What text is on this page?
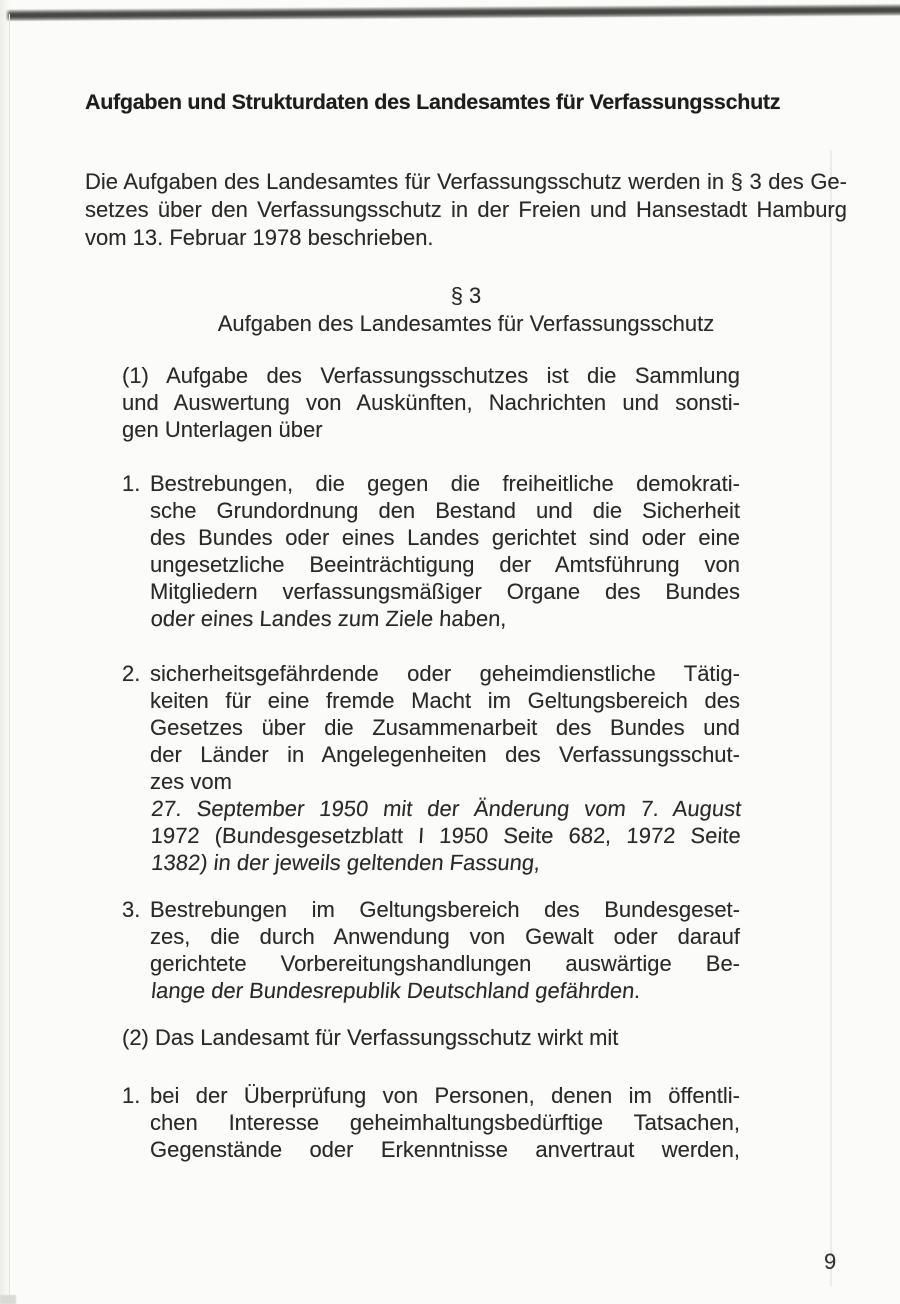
Aufgaben und Strukturdaten des Landesamtes für Verfassungsschutz
Die Aufgaben des Landesamtes für Verfassungsschutz werden in § 3 des Ge-
setzes über den Verfassungsschutz in der Freien und Hansestadt Hamburg
vom 13. Februar 1978 beschrieben.
§ 3
Aufgaben des Landesamtes für Verfassungsschutz
(1) Aufgabe des Verfassungsschutzes ist die Sammlung
und Auswertung von Auskünften, Nachrichten und sonsti-
gen Unterlagen über
1. Bestrebungen, die gegen die freiheitliche demokrati-
sche Grundordnung den Bestand und die Sicherheit
des Bundes oder eines Landes gerichtet sind oder eine
ungesetzliche Beeinträchtigung der Amtsführung von
Mitgliedern verfassungsmäßiger Organe des Bundes
oder eines Landes zum Ziele haben,
2. sicherheitsgefährdende oder geheimdienstliche Tätig-
keiten für eine fremde Macht im Geltungsbereich des
Gesetzes über die Zusammenarbeit des Bundes und
der Länder in Angelegenheiten des Verfassungsschut-
zes vom
27. September 1950 mit der Änderung vom 7. August
1972 (Bundesgesetzblatt I 1950 Seite 682, 1972 Seite
1382) in der jeweils geltenden Fassung,
3. Bestrebungen im Geltungsbereich des Bundesgeset-
zes, die durch Anwendung von Gewalt oder darauf
gerichtete Vorbereitungshandlungen auswärtige Be-
lange der Bundesrepublik Deutschland gefährden.
(2) Das Landesamt für Verfassungsschutz wirkt mit
1. bei der Überprüfung von Personen, denen im öffentli-
chen Interesse geheimhaltungsbedürftige Tatsachen,
Gegenstände oder Erkenntnisse anvertraut werden,
9
